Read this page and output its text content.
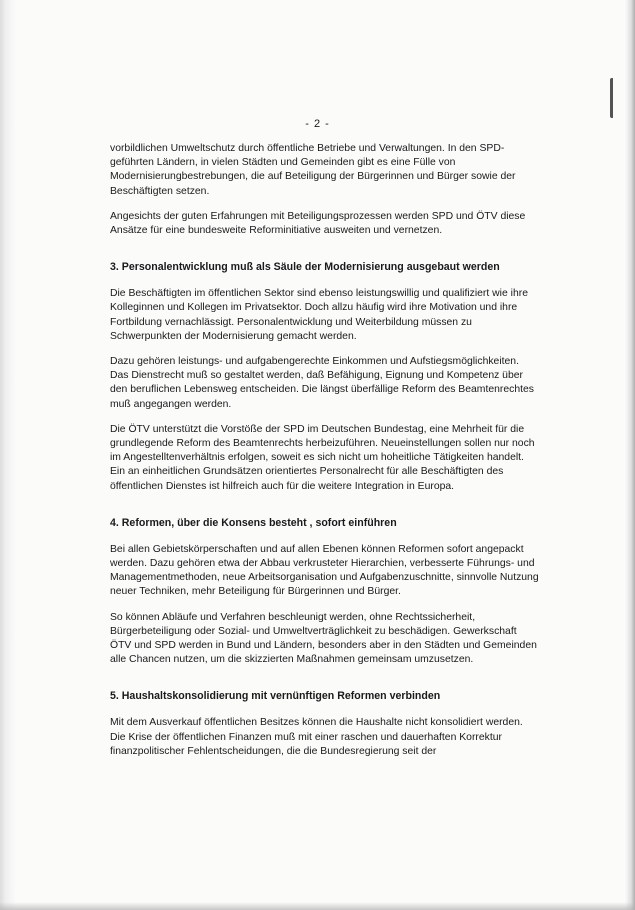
- 2 -

vorbildlichen Umweltschutz durch öffentliche Betriebe und Verwaltungen. In den SPD-geführten Ländern, in vielen Städten und Gemeinden gibt es eine Fülle von Modernisierungbestrebungen, die auf Beteiligung der Bürgerinnen und Bürger sowie der Beschäftigten setzen.

Angesichts der guten Erfahrungen mit Beteiligungsprozessen werden SPD und ÖTV diese Ansätze für eine bundesweite Reforminitiative ausweiten und vernetzen.

3. Personalentwicklung muß als Säule der Modernisierung ausgebaut werden

Die Beschäftigten im öffentlichen Sektor sind ebenso leistungswillig und qualifiziert wie ihre Kolleginnen und Kollegen im Privatsektor. Doch allzu häufig wird ihre Motivation und ihre Fortbildung vernachlässigt. Personalentwicklung und Weiterbildung müssen zu Schwerpunkten der Modernisierung gemacht werden.

Dazu gehören leistungs- und aufgabengerechte Einkommen und Aufstiegsmöglichkeiten. Das Dienstrecht muß so gestaltet werden, daß Befähigung, Eignung und Kompetenz über den beruflichen Lebensweg entscheiden. Die längst überfällige Reform des Beamtenrechtes muß angegangen werden.

Die ÖTV unterstützt die Vorstöße der SPD im Deutschen Bundestag, eine Mehrheit für die grundlegende Reform des Beamtenrechts herbeizuführen. Neueinstellungen sollen nur noch im Angestelltenverhältnis erfolgen, soweit es sich nicht um hoheitliche Tätigkeiten handelt. Ein an einheitlichen Grundsätzen orientiertes Personalrecht für alle Beschäftigten des öffentlichen Dienstes ist hilfreich auch für die weitere Integration in Europa.

4. Reformen, über die Konsens besteht , sofort einführen

Bei allen Gebietskörperschaften und auf allen Ebenen können Reformen sofort angepackt werden. Dazu gehören etwa der Abbau verkrusteter Hierarchien, verbesserte Führungs- und Managementmethoden, neue Arbeitsorganisation und Aufgabenzuschnitte, sinnvolle Nutzung neuer Techniken, mehr Beteiligung für Bürgerinnen und Bürger.

So können Abläufe und Verfahren beschleunigt werden, ohne Rechtssicherheit, Bürgerbeteiligung oder Sozial- und Umweltverträglichkeit zu beschädigen. Gewerkschaft ÖTV und SPD werden in Bund und Ländern, besonders aber in den Städten und Gemeinden alle Chancen nutzen, um die skizzierten Maßnahmen gemeinsam umzusetzen.

5. Haushaltskonsolidierung mit vernünftigen Reformen verbinden

Mit dem Ausverkauf öffentlichen Besitzes können die Haushalte nicht konsolidiert werden. Die Krise der öffentlichen Finanzen muß mit einer raschen und dauerhaften Korrektur finanzpolitischer Fehlentscheidungen, die die Bundesregierung seit der
